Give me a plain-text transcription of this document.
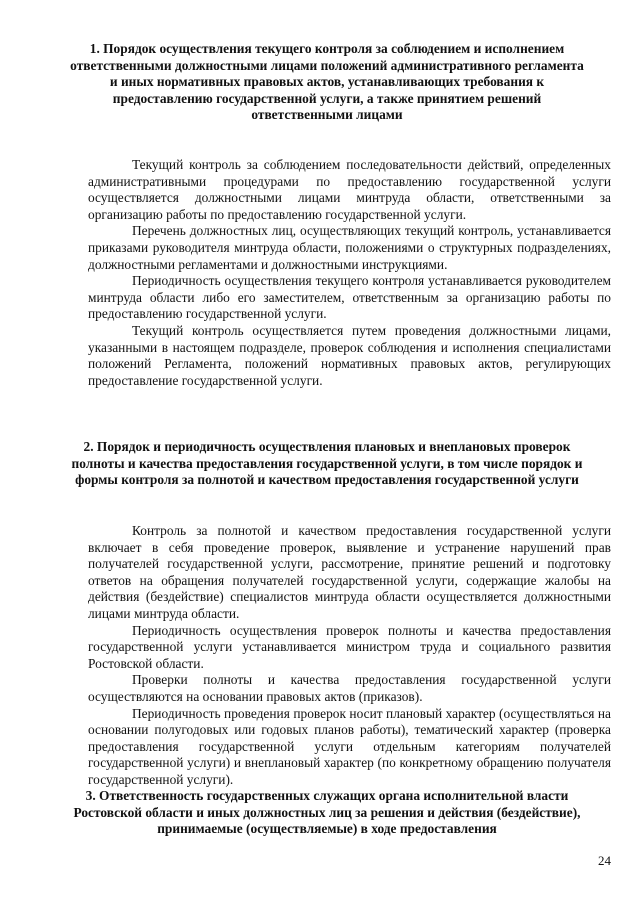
1. Порядок осуществления текущего контроля за соблюдением и исполнением ответственными должностными лицами положений административного регламента и иных нормативных правовых актов, устанавливающих требования к предоставлению государственной услуги, а также принятием решений ответственными лицами

Текущий контроль за соблюдением последовательности действий, определенных административными процедурами по предоставлению государственной услуги осуществляется должностными лицами минтруда области, ответственными за организацию работы по предоставлению государственной услуги.

Перечень должностных лиц, осуществляющих текущий контроль, устанавливается приказами руководителя минтруда области, положениями о структурных подразделениях, должностными регламентами и должностными инструкциями.

Периодичность осуществления текущего контроля устанавливается руководителем минтруда области либо его заместителем, ответственным за организацию работы по предоставлению государственной услуги.

Текущий контроль осуществляется путем проведения должностными лицами, указанными в настоящем подразделе, проверок соблюдения и исполнения специалистами положений Регламента, положений нормативных правовых актов, регулирующих предоставление государственной услуги.

2. Порядок и периодичность осуществления плановых и внеплановых проверок полноты и качества предоставления государственной услуги, в том числе порядок и формы контроля за полнотой и качеством предоставления государственной услуги

Контроль за полнотой и качеством предоставления государственной услуги включает в себя проведение проверок, выявление и устранение нарушений прав получателей государственной услуги, рассмотрение, принятие решений и подготовку ответов на обращения получателей государственной услуги, содержащие жалобы на действия (бездействие) специалистов минтруда области осуществляется должностными лицами минтруда области.

Периодичность осуществления проверок полноты и качества предоставления государственной услуги устанавливается министром труда и социального развития Ростовской области.

Проверки полноты и качества предоставления государственной услуги осуществляются на основании правовых актов (приказов).

Периодичность проведения проверок носит плановый характер (осуществляться на основании полугодовых или годовых планов работы), тематический характер (проверка предоставления государственной услуги отдельным категориям получателей государственной услуги) и внеплановый характер (по конкретному обращению получателя государственной услуги).

3. Ответственность государственных служащих органа исполнительной власти Ростовской области и иных должностных лиц за решения и действия (бездействие), принимаемые (осуществляемые) в ходе предоставления

24
